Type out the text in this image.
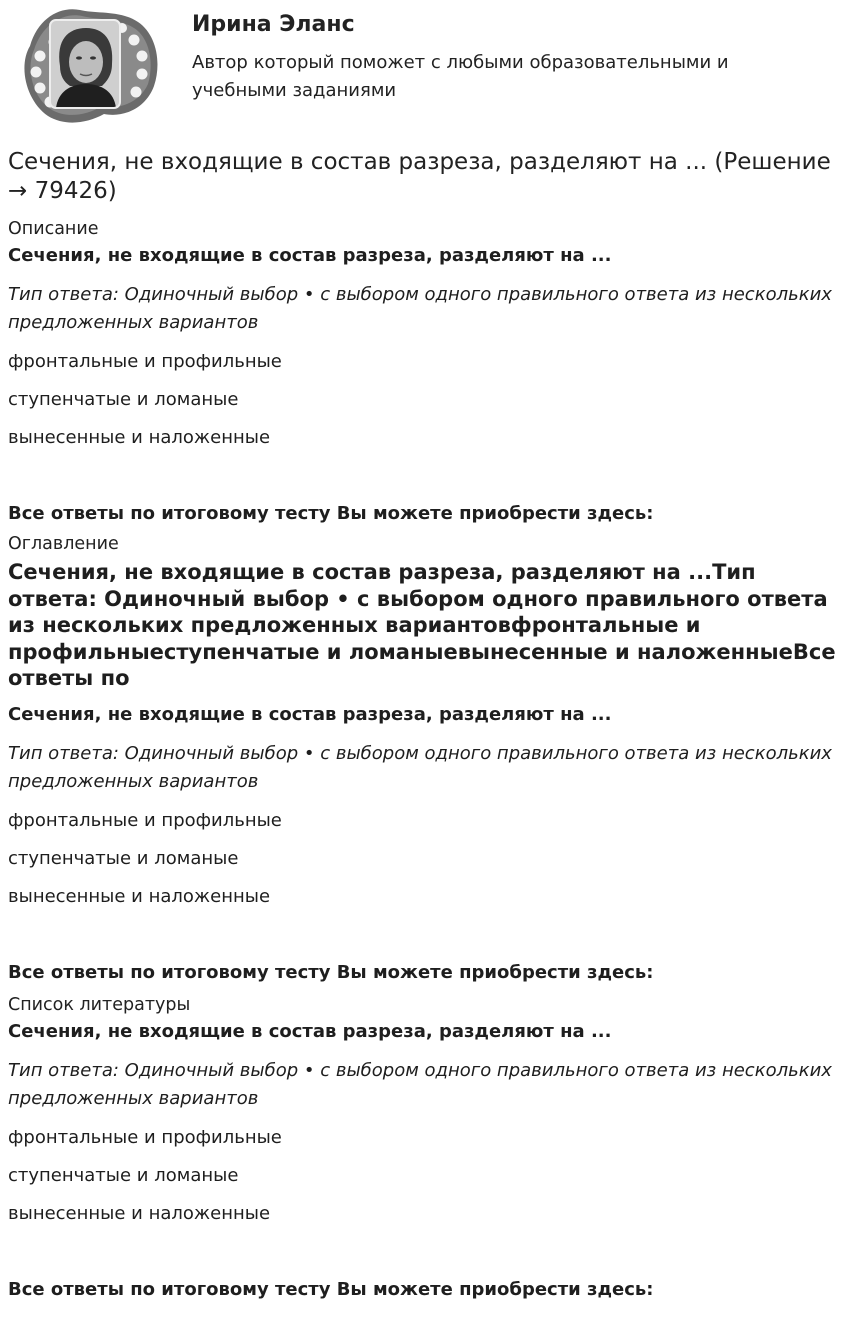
Ирина Эланс

Автор который поможет с любыми образовательными и учебными заданиями

Сечения, не входящие в состав разреза, разделяют на ... (Решение → 79426)
Описание

Сечения, не входящие в состав разреза, разделяют на ...

Тип ответа: Одиночный выбор • с выбором одного правильного ответа из нескольких предложенных вариантов

фронтальные и профильные

ступенчатые и ломаные

вынесенные и наложенные

Все ответы по итоговому тесту Вы можете приобрести здесь:

Оглавление

Сечения, не входящие в состав разреза, разделяют на ...Тип ответа: Одиночный выбор • с выбором одного правильного ответа из нескольких предложенных вариантовфронтальные и профильныеступенчатые и ломаныевынесенные и наложенныеВсе ответы по

Сечения, не входящие в состав разреза, разделяют на ...

Тип ответа: Одиночный выбор • с выбором одного правильного ответа из нескольких предложенных вариантов

фронтальные и профильные

ступенчатые и ломаные

вынесенные и наложенные

Все ответы по итоговому тесту Вы можете приобрести здесь:

Список литературы

Сечения, не входящие в состав разреза, разделяют на ...

Тип ответа: Одиночный выбор • с выбором одного правильного ответа из нескольких предложенных вариантов

фронтальные и профильные

ступенчатые и ломаные

вынесенные и наложенные

Все ответы по итоговому тесту Вы можете приобрести здесь:
